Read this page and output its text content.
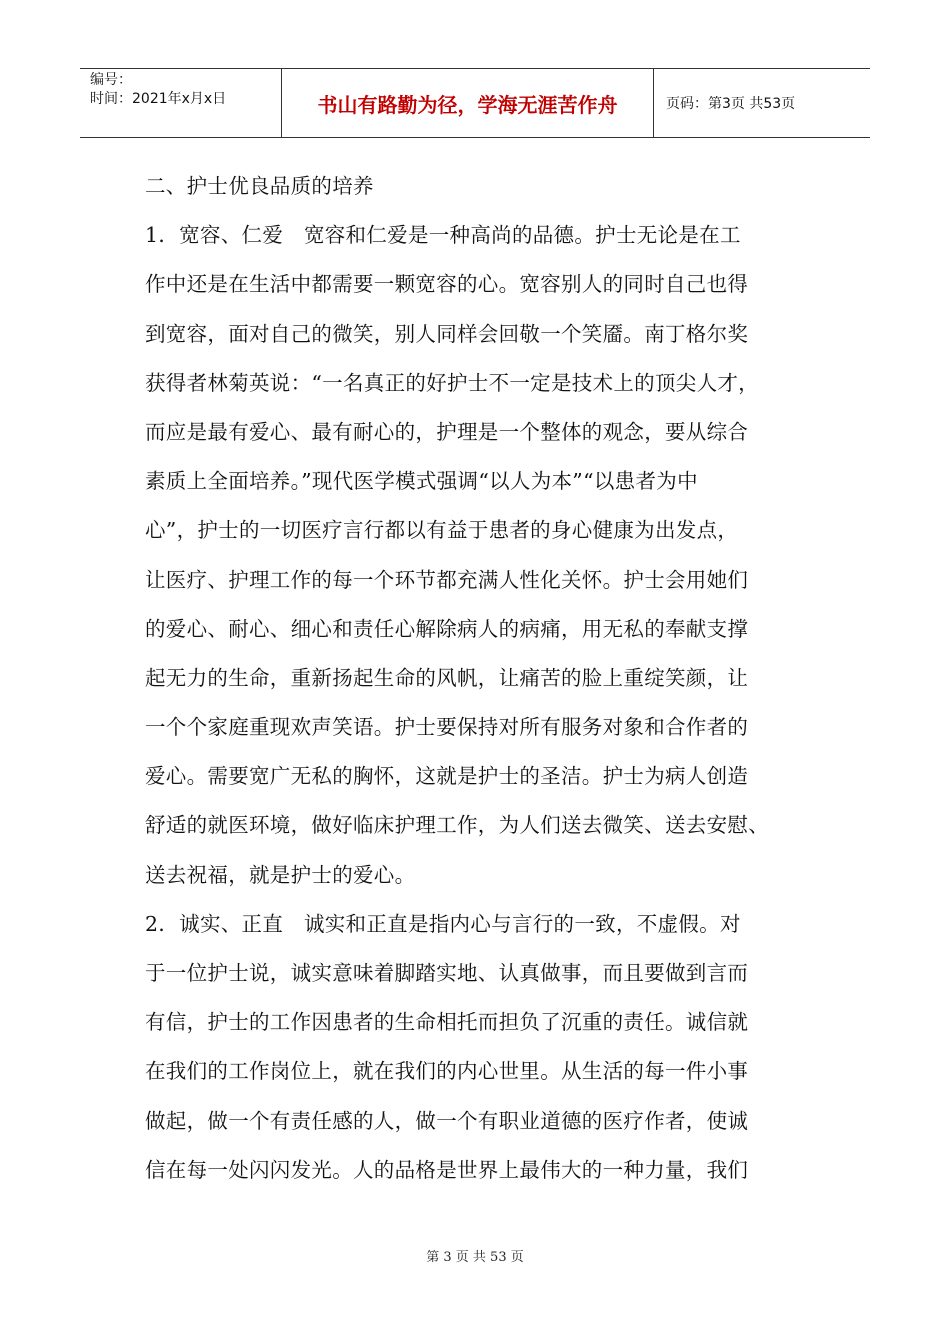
编号：
时间：2021年x月x日	书山有路勤为径，学海无涯苦作舟	页码：第3页 共53页
二、护士优良品质的培养
1．宽容、仁爱　宽容和仁爱是一种高尚的品德。护士无论是在工
作中还是在生活中都需要一颗宽容的心。宽容别人的同时自己也得
到宽容，面对自己的微笑，别人同样会回敬一个笑靥。南丁格尔奖
获得者林菊英说：“一名真正的好护士不一定是技术上的顶尖人才，
而应是最有爱心、最有耐心的，护理是一个整体的观念，要从综合
素质上全面培养。”现代医学模式强调“以人为本”“以患者为中
心”，护士的一切医疗言行都以有益于患者的身心健康为出发点，
让医疗、护理工作的每一个环节都充满人性化关怀。护士会用她们
的爱心、耐心、细心和责任心解除病人的病痛，用无私的奉献支撑
起无力的生命，重新扬起生命的风帆，让痛苦的脸上重绽笑颜，让
一个个家庭重现欢声笑语。护士要保持对所有服务对象和合作者的
爱心。需要宽广无私的胸怀，这就是护士的圣洁。护士为病人创造
舒适的就医环境，做好临床护理工作，为人们送去微笑、送去安慰、
送去祝福，就是护士的爱心。
2．诚实、正直　诚实和正直是指内心与言行的一致，不虚假。对
于一位护士说，诚实意味着脚踏实地、认真做事，而且要做到言而
有信，护士的工作因患者的生命相托而担负了沉重的责任。诚信就
在我们的工作岗位上，就在我们的内心世里。从生活的每一件小事
做起，做一个有责任感的人，做一个有职业道德的医疗作者，使诚
信在每一处闪闪发光。人的品格是世界上最伟大的一种力量，我们
第 3 页 共 53 页
